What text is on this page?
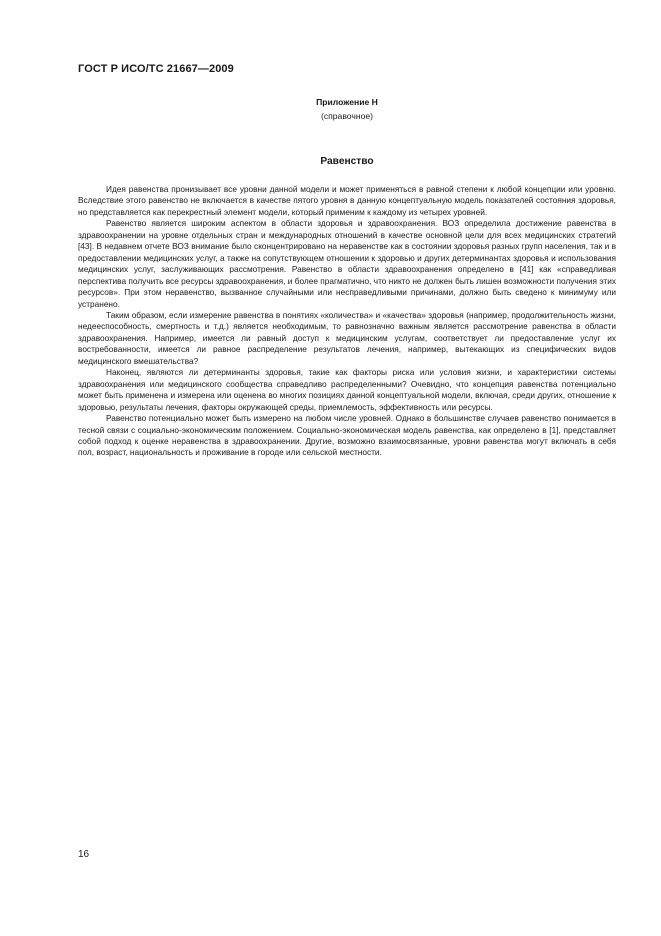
ГОСТ Р ИСО/ТС 21667—2009
Приложение Н
(справочное)
Равенство

Идея равенства пронизывает все уровни данной модели и может применяться в равной степени к любой концепции или уровню. Вследствие этого равенство не включается в качестве пятого уровня в данную концептуальную модель показателей состояния здоровья, но представляется как перекрестный элемент модели, который применим к каждому из четырех уровней.

Равенство является широким аспектом в области здоровья и здравоохранения. ВОЗ определила достижение равенства в здравоохранении на уровне отдельных стран и международных отношений в качестве основной цели для всех медицинских стратегий [43]. В недавнем отчете ВОЗ внимание было сконцентрировано на неравенстве как в состоянии здоровья разных групп населения, так и в предоставлении медицинских услуг, а также на сопутствующем отношении к здоровью и других детерминантах здоровья и использования медицинских услуг, заслуживающих рассмотрения. Равенство в области здравоохранения определено в [41] как «справедливая перспектива получить все ресурсы здравоохранения, и более прагматично, что никто не должен быть лишен возможности получения этих ресурсов». При этом неравенство, вызванное случайными или несправедливыми причинами, должно быть сведено к минимуму или устранено.

Таким образом, если измерение равенства в понятиях «количества» и «качества» здоровья (например, продолжительность жизни, недееспособность, смертность и т.д.) является необходимым, то равнозначно важным является рассмотрение равенства в области здравоохранения. Например, имеется ли равный доступ к медицинским услугам, соответствует ли предоставление услуг их востребованности, имеется ли равное распределение результатов лечения, например, вытекающих из специфических видов медицинского вмешательства?

Наконец, являются ли детерминанты здоровья, такие как факторы риска или условия жизни, и характеристики системы здравоохранения или медицинского сообщества справедливо распределенными? Очевидно, что концепция равенства потенциально может быть применена и измерена или оценена во многих позициях данной концептуальной модели, включая, среди других, отношение к здоровью, результаты лечения, факторы окружающей среды, приемлемость, эффективность или ресурсы.

Равенство потенциально может быть измерено на любом числе уровней. Однако в большинстве случаев равенство понимается в тесной связи с социально-экономическим положением. Социально-экономическая модель равенства, как определено в [1], представляет собой подход к оценке неравенства в здравоохранении. Другие, возможно взаимосвязанные, уровни равенства могут включать в себя пол, возраст, национальность и проживание в городе или сельской местности.

16
